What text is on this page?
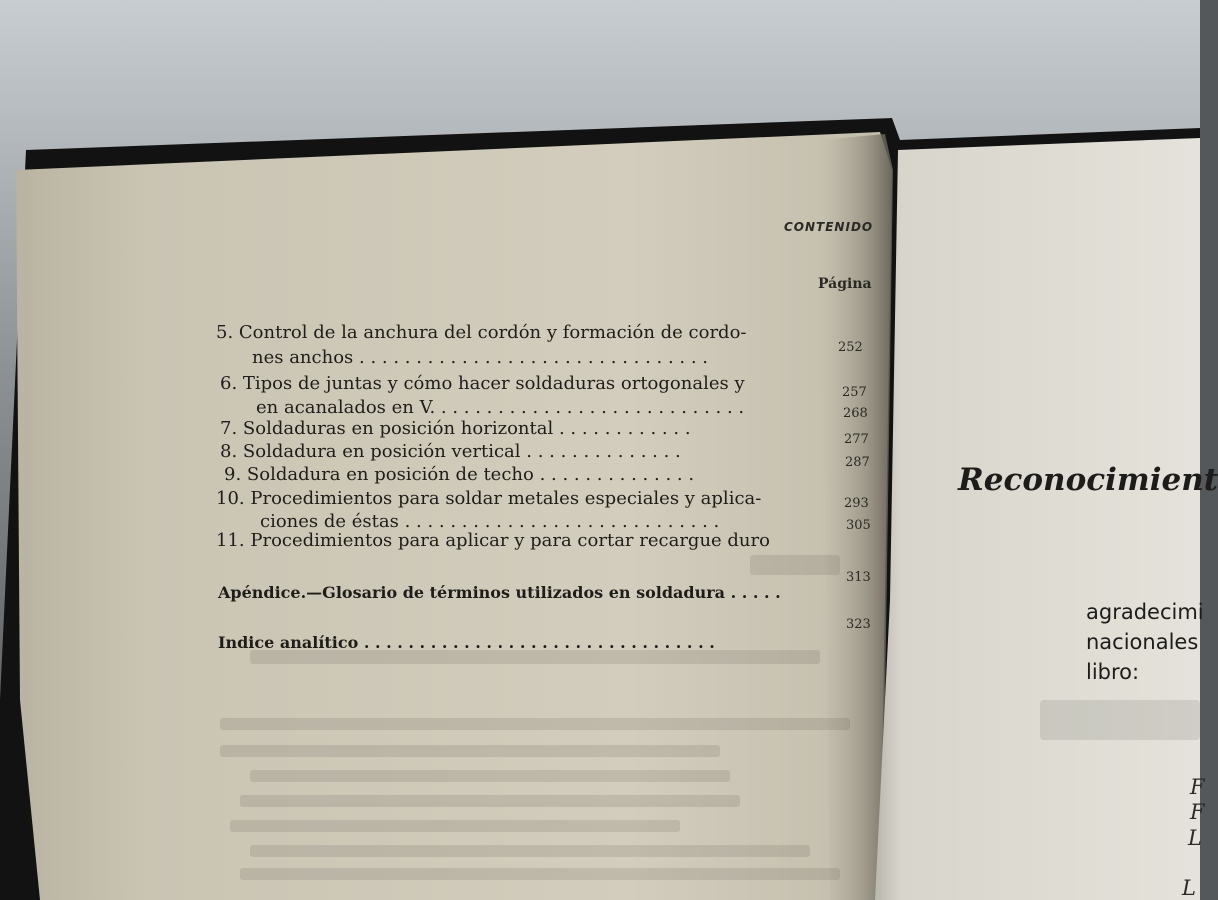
CONTENIDO
Página
5. Control de la anchura del cordón y formación de cordo-
nes anchos . . . . . . . . . . . . . . . . . . . . . . . . . . . . . . .	252
6. Tipos de juntas y cómo hacer soldaduras ortogonales y
en acanalados en V. . . . . . . . . . . . . . . . . . . . . . . . . . . .
257
7. Soldaduras en posición horizontal . . . . . . . . . . . .
268
8. Soldadura en posición vertical . . . . . . . . . . . . . .
277
9. Soldadura en posición de techo . . . . . . . . . . . . . .
287
10. Procedimientos para soldar metales especiales y aplica-
ciones de éstas . . . . . . . . . . . . . . . . . . . . . . . . . . . .
293
11. Procedimientos para aplicar y para cortar recargue duro
305
Apéndice.—Glosario de términos utilizados en soldadura . . . . .
313
Indice analítico . . . . . . . . . . . . . . . . . . . . . . . . . . . . . . . .
323
Reconocimient
agradecimi
nacionales
libro:
F
F
L
L
